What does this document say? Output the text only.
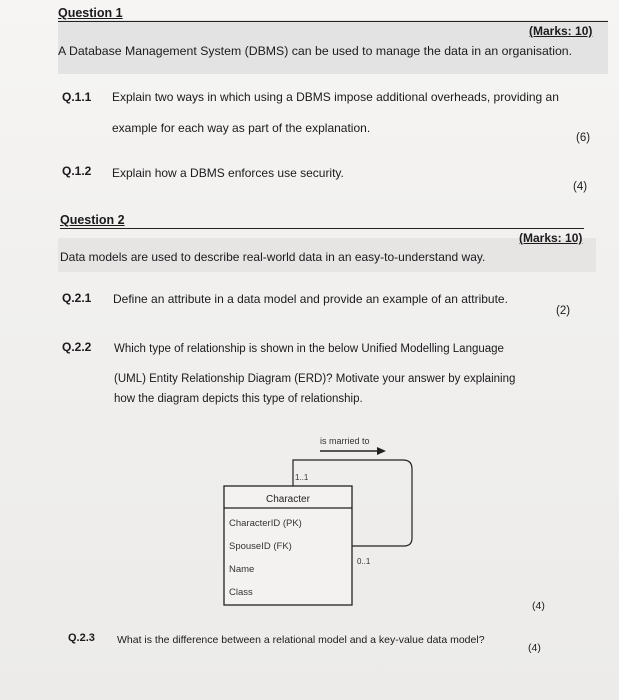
Question 1
(Marks: 10)
A Database Management System (DBMS) can be used to manage the data in an organisation.
Q.1.1 Explain two ways in which using a DBMS impose additional overheads, providing an
example for each way as part of the explanation.
(6)
Q.1.2 Explain how a DBMS enforces use security.
(4)
Question 2
(Marks: 10)
Data models are used to describe real-world data in an easy-to-understand way.
Q.2.1 Define an attribute in a data model and provide an example of an attribute.
(2)
Q.2.2 Which type of relationship is shown in the below Unified Modelling Language
(UML) Entity Relationship Diagram (ERD)? Motivate your answer by explaining
how the diagram depicts this type of relationship.
is married to
1..1
0..1
Character
CharacterID (PK)
SpouseID (FK)
Name
Class
(4)
Q.2.3 What is the difference between a relational model and a key-value data model?
(4)
